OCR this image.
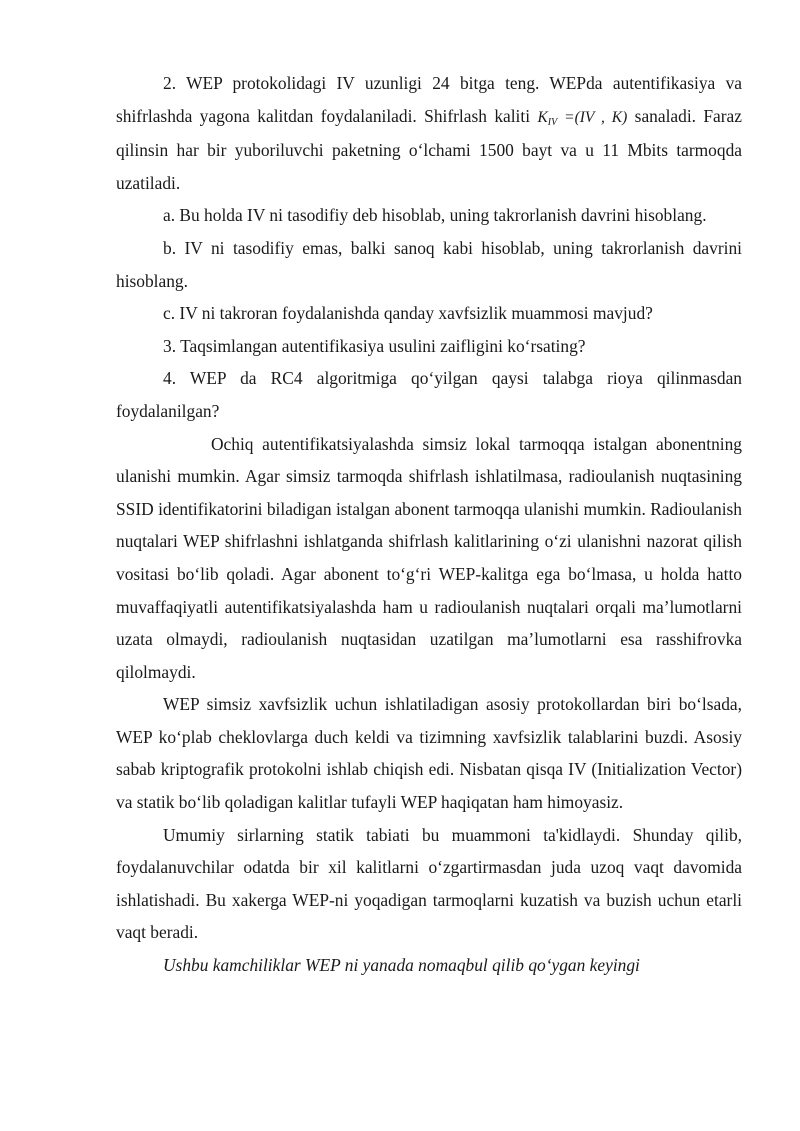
2. WEP protokolidagi IV uzunligi 24 bitga teng. WEPda autentifikasiya va shifrlashda yagona kalitdan foydalaniladi. Shifrlash kaliti $K_{IV} =(IV$ , K) sanaladi. Faraz qilinsin har bir yuboriluvchi paketning o‘lchami 1500 bayt va u 11 Mbits tarmoqda uzatiladi.

a. Bu holda IV ni tasodifiy deb hisoblab, uning takrorlanish davrini hisoblang.

b. IV ni tasodifiy emas, balki sanoq kabi hisoblab, uning takrorlanish davrini hisoblang.

c. IV ni takroran foydalanishda qanday xavfsizlik muammosi mavjud?

3. Taqsimlangan autentifikasiya usulini zaifligini ko‘rsating?

4. WEP da RC4 algoritmiga qo‘yilgan qaysi talabga rioya qilinmasdan foydalanilgan?

Ochiq autentifikatsiyalashda simsiz lokal tarmoqqa istalgan abonentning ulanishi mumkin. Agar simsiz tarmoqda shifrlash ishlatilmasa, radioulanish nuqtasining SSID identifikatorini biladigan istalgan abonent tarmoqqa ulanishi mumkin. Radioulanish nuqtalari WEP shifrlashni ishlatganda shifrlash kalitlarining o‘zi ulanishni nazorat qilish vositasi bo‘lib qoladi. Agar abonent to‘g‘ri WEP-kalitga ega bo‘lmasa, u holda hatto muvaffaqiyatli autentifikatsiyalashda ham u radioulanish nuqtalari orqali ma’lumotlarni uzata olmaydi, radioulanish nuqtasidan uzatilgan ma’lumotlarni esa rasshifrovka qilolmaydi.

WEP simsiz xavfsizlik uchun ishlatiladigan asosiy protokollardan biri bo‘lsada, WEP ko‘plab cheklovlarga duch keldi va tizimning xavfsizlik talablarini buzdi. Asosiy sabab kriptografik protokolni ishlab chiqish edi. Nisbatan qisqa IV (Initialization Vector) va statik bo‘lib qoladigan kalitlar tufayli WEP haqiqatan ham himoyasiz.

Umumiy sirlarning statik tabiati bu muammoni ta'kidlaydi. Shunday qilib, foydalanuvchilar odatda bir xil kalitlarni o‘zgartirmasdan juda uzoq vaqt davomida ishlatishadi. Bu xakerga WEP-ni yoqadigan tarmoqlarni kuzatish va buzish uchun etarli vaqt beradi.

Ushbu kamchiliklar WEP ni yanada nomaqbul qilib qo‘ygan keyingi
